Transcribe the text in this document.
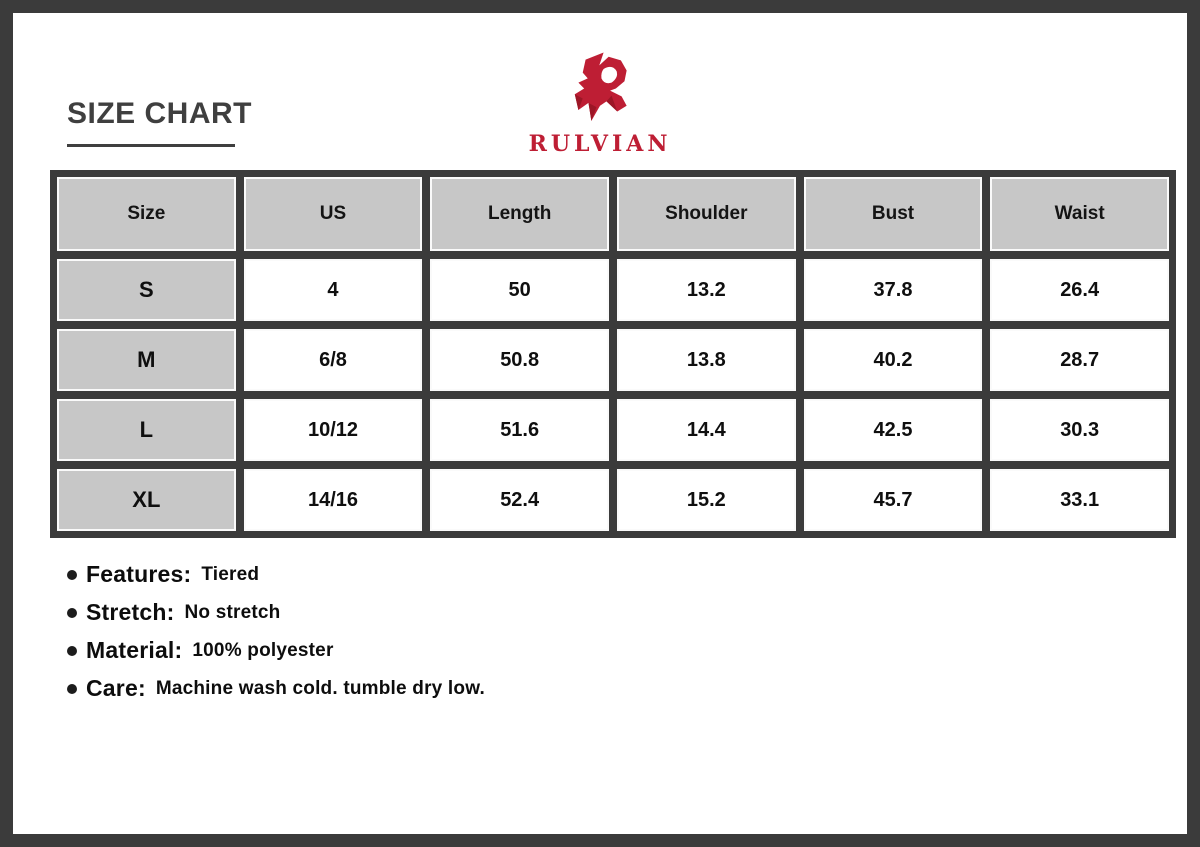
SIZE CHART
RULVIAN
Size	US	Length	Shoulder	Bust	Waist
S	4	50	13.2	37.8	26.4
M	6/8	50.8	13.8	40.2	28.7
L	10/12	51.6	14.4	42.5	30.3
XL	14/16	52.4	15.2	45.7	33.1
Features: Tiered
Stretch: No stretch
Material: 100% polyester
Care: Machine wash cold. tumble dry low.
